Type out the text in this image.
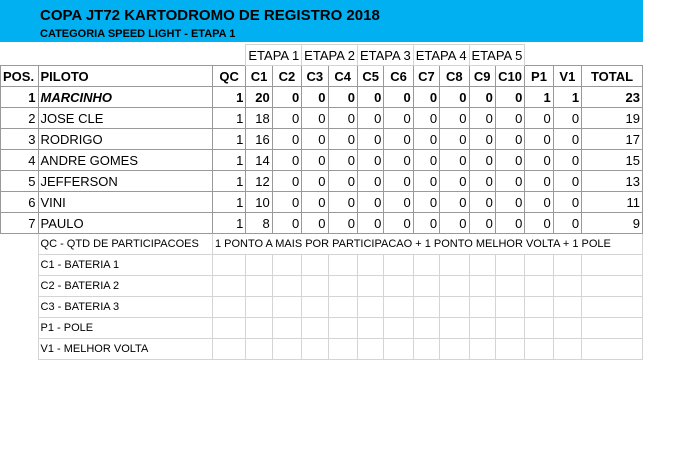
COPA JT72 KARTODROMO DE REGISTRO 2018
CATEGORIA SPEED LIGHT - ETAPA 1
			ETAPA 1		ETAPA 2		ETAPA 3		ETAPA 4		ETAPA 5				
POS.	PILOTO	QC	C1	C2	C3	C4	C5	C6	C7	C8	C9	C10	P1	V1	TOTAL
1	MARCINHO	1	20	0	0	0	0	0	0	0	0	0	1	1	23
2	JOSE CLE	1	18	0	0	0	0	0	0	0	0	0	0	0	19
3	RODRIGO	1	16	0	0	0	0	0	0	0	0	0	0	0	17
4	ANDRE GOMES	1	14	0	0	0	0	0	0	0	0	0	0	0	15
5	JEFFERSON	1	12	0	0	0	0	0	0	0	0	0	0	0	13
6	VINI	1	10	0	0	0	0	0	0	0	0	0	0	0	11
7	PAULO	1	8	0	0	0	0	0	0	0	0	0	0	0	9
	QC - QTD DE PARTICIPACOES	1 PONTO A MAIS POR PARTICIPACAO + 1 PONTO MELHOR VOLTA + 1 POLE													
	C1 - BATERIA 1														
	C2 - BATERIA 2														
	C3 - BATERIA 3														
	P1 - POLE														
	V1 - MELHOR VOLTA														
